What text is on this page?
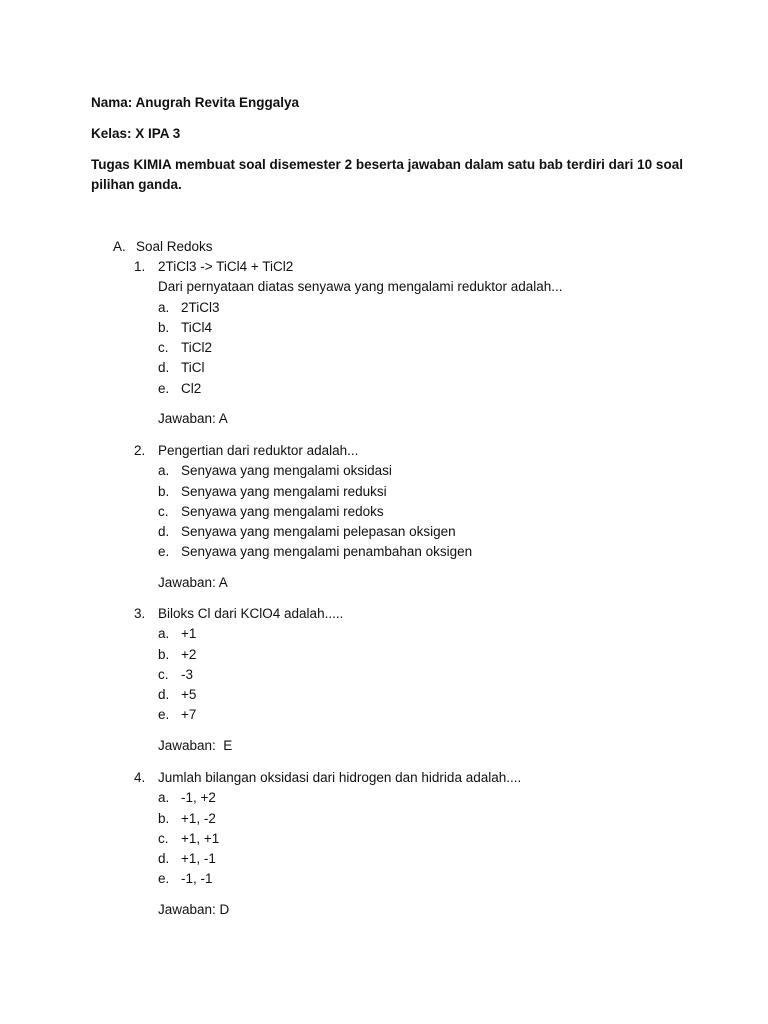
Nama: Anugrah Revita Enggalya

Kelas: X IPA 3

Tugas KIMIA membuat soal disemester 2 beserta jawaban dalam satu bab terdiri dari 10 soal pilihan ganda.

A. Soal Redoks

1. 2TiCl3 -> TiCl4 + TiCl2
Dari pernyataan diatas senyawa yang mengalami reduktor adalah...
a. 2TiCl3
b. TiCl4
c. TiCl2
d. TiCl
e. Cl2
Jawaban: A
2. Pengertian dari reduktor adalah...
a. Senyawa yang mengalami oksidasi
b. Senyawa yang mengalami reduksi
c. Senyawa yang mengalami redoks
d. Senyawa yang mengalami pelepasan oksigen
e. Senyawa yang mengalami penambahan oksigen
Jawaban: A
3. Biloks Cl dari KClO4 adalah.....
a. +1
b. +2
c. -3
d. +5
e. +7
Jawaban:  E
4. Jumlah bilangan oksidasi dari hidrogen dan hidrida adalah....
a. -1, +2
b. +1, -2
c. +1, +1
d. +1, -1
e. -1, -1
Jawaban: D
